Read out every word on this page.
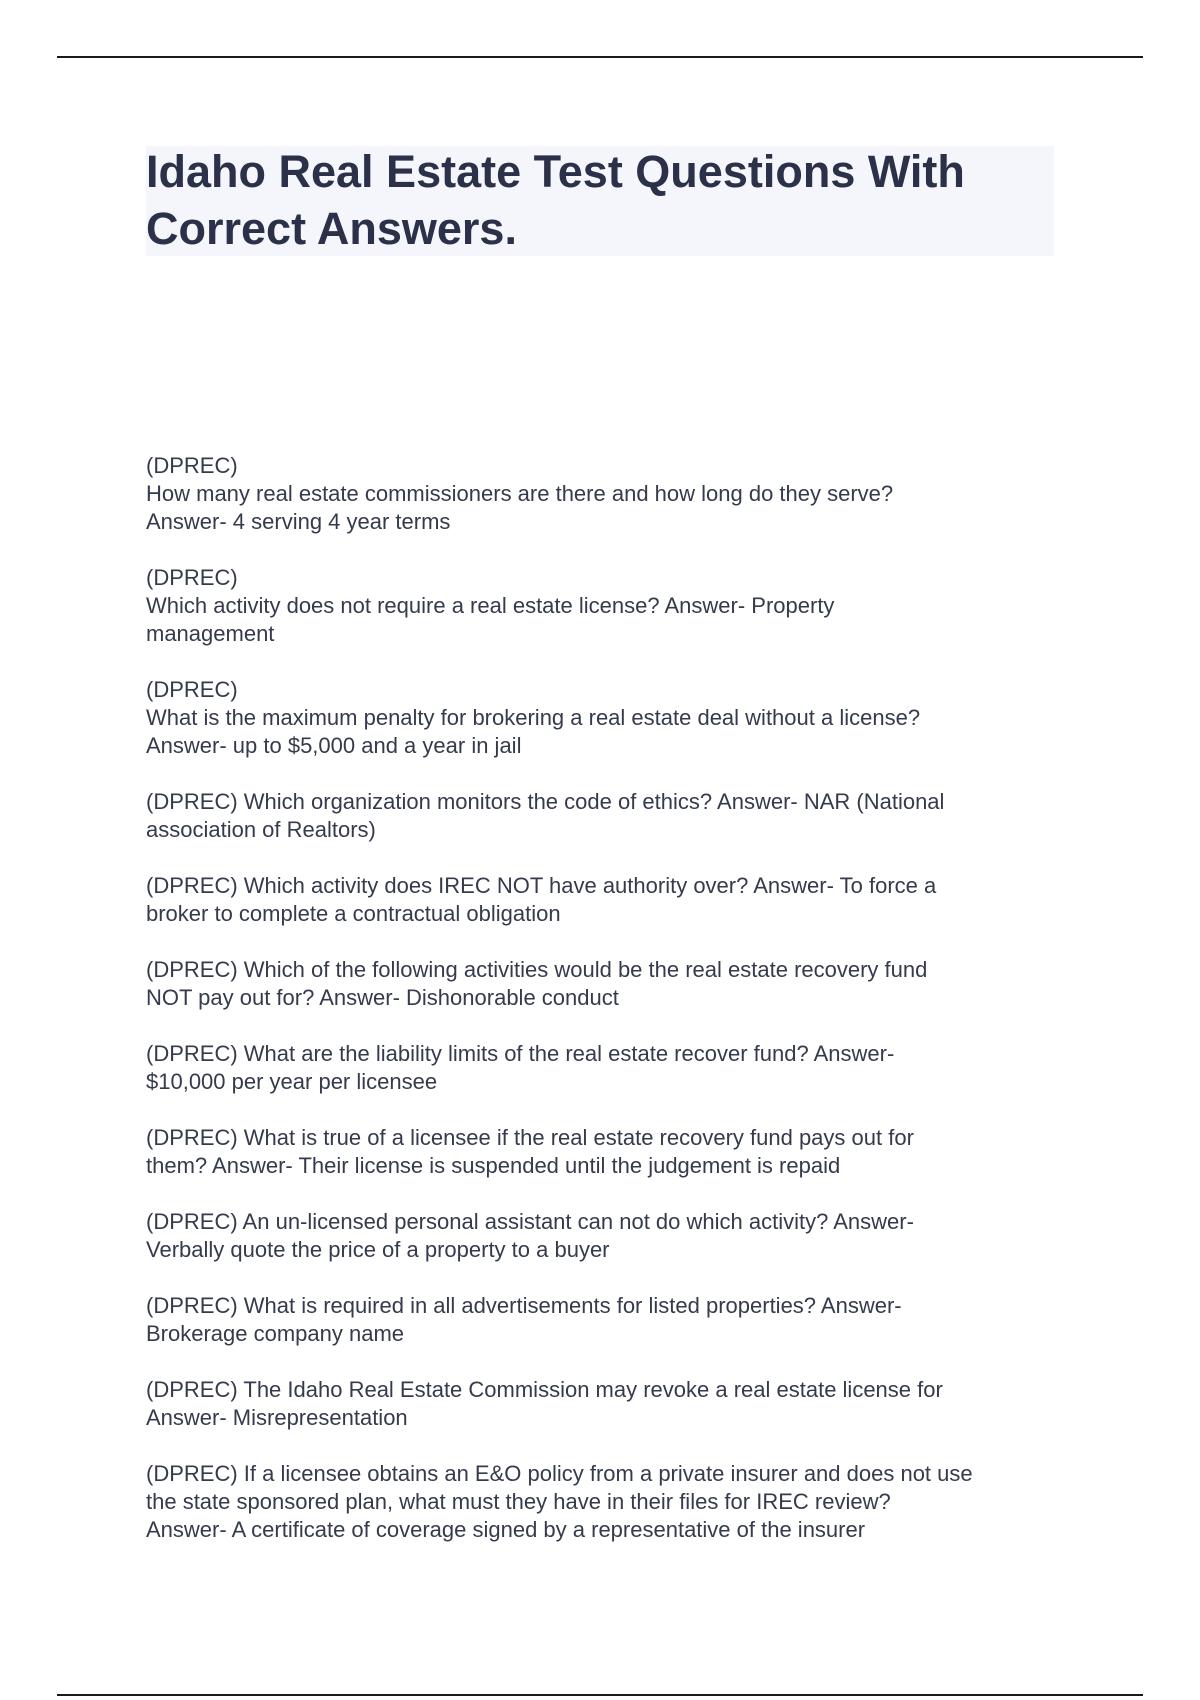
Idaho Real Estate Test Questions With
Correct Answers.

(DPREC)
How many real estate commissioners are there and how long do they serve?
Answer- 4 serving 4 year terms

(DPREC)
Which activity does not require a real estate license? Answer- Property
management

(DPREC)
What is the maximum penalty for brokering a real estate deal without a license?
Answer- up to $5,000 and a year in jail

(DPREC) Which organization monitors the code of ethics? Answer- NAR (National
association of Realtors)

(DPREC) Which activity does IREC NOT have authority over? Answer- To force a
broker to complete a contractual obligation

(DPREC) Which of the following activities would be the real estate recovery fund
NOT pay out for? Answer- Dishonorable conduct

(DPREC) What are the liability limits of the real estate recover fund? Answer-
$10,000 per year per licensee

(DPREC) What is true of a licensee if the real estate recovery fund pays out for
them? Answer- Their license is suspended until the judgement is repaid

(DPREC) An un-licensed personal assistant can not do which activity? Answer-
Verbally quote the price of a property to a buyer

(DPREC) What is required in all advertisements for listed properties? Answer-
Brokerage company name

(DPREC) The Idaho Real Estate Commission may revoke a real estate license for
Answer- Misrepresentation

(DPREC) If a licensee obtains an E&O policy from a private insurer and does not use
the state sponsored plan, what must they have in their files for IREC review?
Answer- A certificate of coverage signed by a representative of the insurer
